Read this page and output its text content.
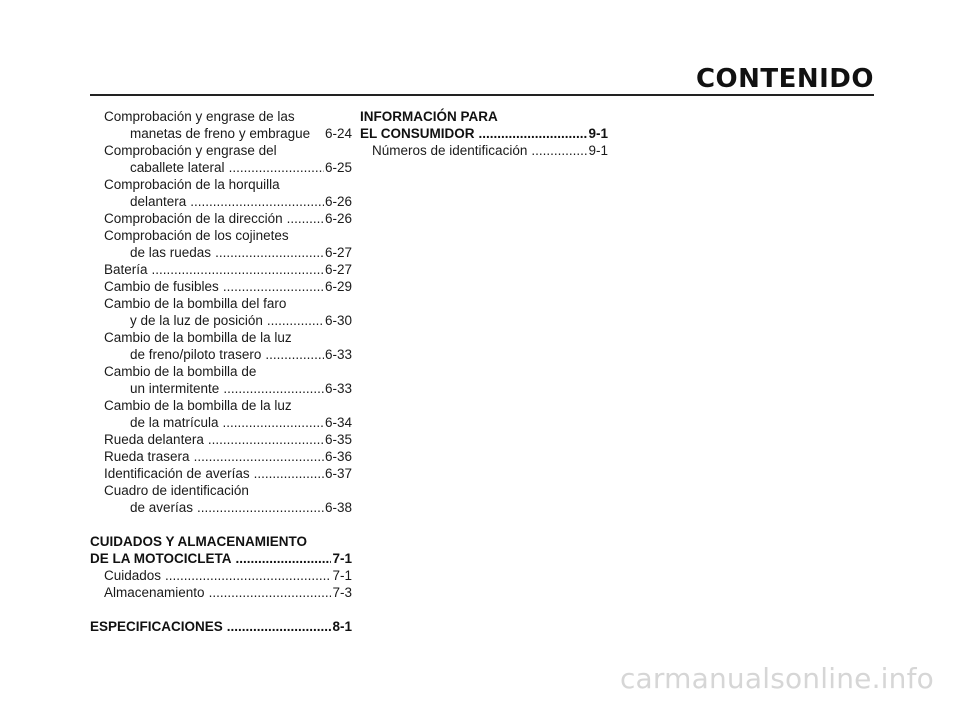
CONTENIDO
Comprobación y engrase de las
manetas de freno y embrague 6-24
Comprobación y engrase del
caballete lateral .....	6-25
Comprobación de la horquilla
delantera .....	6-26
Comprobación de la dirección .....	6-26
Comprobación de los cojinetes
de las ruedas .....	6-27
Batería .....	6-27
Cambio de fusibles .....	6-29
Cambio de la bombilla del faro
y de la luz de posición .....	6-30
Cambio de la bombilla de la luz
de freno/piloto trasero .....	6-33
Cambio de la bombilla de
un intermitente .....	6-33
Cambio de la bombilla de la luz
de la matrícula .....	6-34
Rueda delantera .....	6-35
Rueda trasera .....	6-36
Identificación de averías .....	6-37
Cuadro de identificación
de averías .....	6-38
CUIDADOS Y ALMACENAMIENTO
DE LA MOTOCICLETA .....	7-1
Cuidados .....	7-1
Almacenamiento .....	7-3
ESPECIFICACIONES .....	8-1
INFORMACIÓN PARA
EL CONSUMIDOR .....	9-1
Números de identificación .....	9-1
carmanualsonline.info
